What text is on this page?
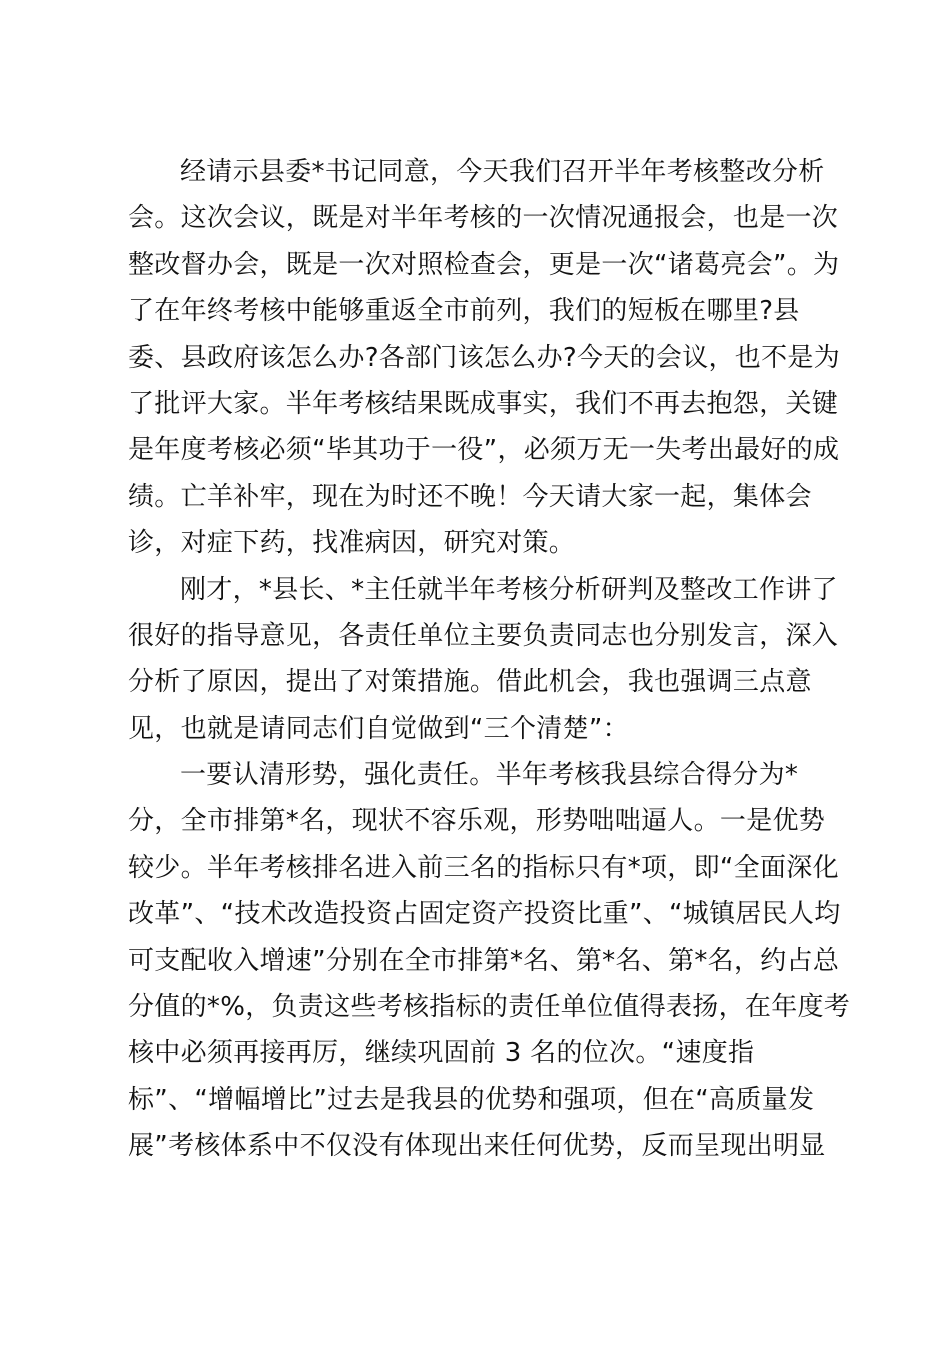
经请示县委*书记同意，今天我们召开半年考核整改分析
会。这次会议，既是对半年考核的一次情况通报会，也是一次
整改督办会，既是一次对照检查会，更是一次“诸葛亮会”。为
了在年终考核中能够重返全市前列，我们的短板在哪里?县
委、县政府该怎么办?各部门该怎么办?今天的会议，也不是为
了批评大家。半年考核结果既成事实，我们不再去抱怨，关键
是年度考核必须“毕其功于一役”，必须万无一失考出最好的成
绩。亡羊补牢，现在为时还不晚！今天请大家一起，集体会
诊，对症下药，找准病因，研究对策。
刚才，*县长、*主任就半年考核分析研判及整改工作讲了
很好的指导意见，各责任单位主要负责同志也分别发言，深入
分析了原因，提出了对策措施。借此机会，我也强调三点意
见，也就是请同志们自觉做到“三个清楚”：
一要认清形势，强化责任。半年考核我县综合得分为*
分，全市排第*名，现状不容乐观，形势咄咄逼人。一是优势
较少。半年考核排名进入前三名的指标只有*项，即“全面深化
改革”、“技术改造投资占固定资产投资比重”、“城镇居民人均
可支配收入增速”分别在全市排第*名、第*名、第*名，约占总
分值的*%，负责这些考核指标的责任单位值得表扬，在年度考
核中必须再接再厉，继续巩固前 3 名的位次。“速度指
标”、“增幅增比”过去是我县的优势和强项，但在“高质量发
展”考核体系中不仅没有体现出来任何优势，反而呈现出明显
